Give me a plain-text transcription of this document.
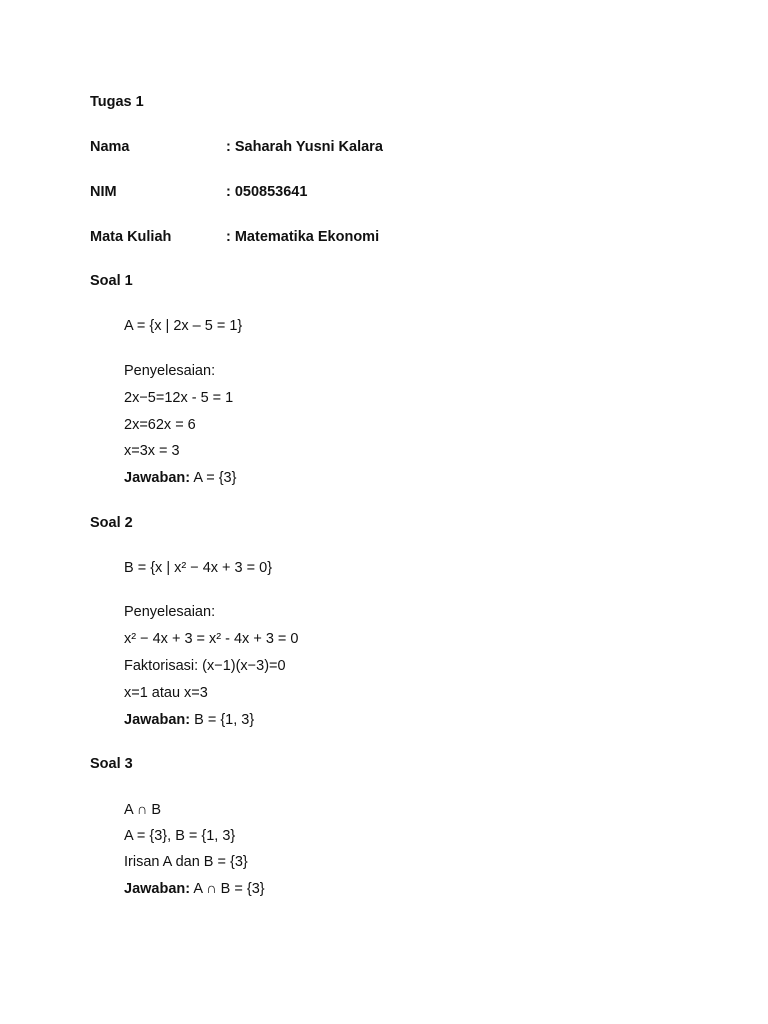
Tugas 1
Nama	: Saharah Yusni Kalara
NIM	: 050853641
Mata Kuliah	: Matematika Ekonomi
Soal 1
A = {x | 2x – 5 = 1}
Penyelesaian:
2x−5=12x - 5 = 1
2x=62x = 6
x=3x = 3
Jawaban: A = {3}
Soal 2
B = {x | x² − 4x + 3 = 0}
Penyelesaian:
x² − 4x + 3 = x² - 4x + 3 = 0
Faktorisasi: (x−1)(x−3)=0
x=1 atau x=3
Jawaban: B = {1, 3}
Soal 3
A ∩ B
A = {3}, B = {1, 3}
Irisan A dan B = {3}
Jawaban: A ∩ B = {3}
